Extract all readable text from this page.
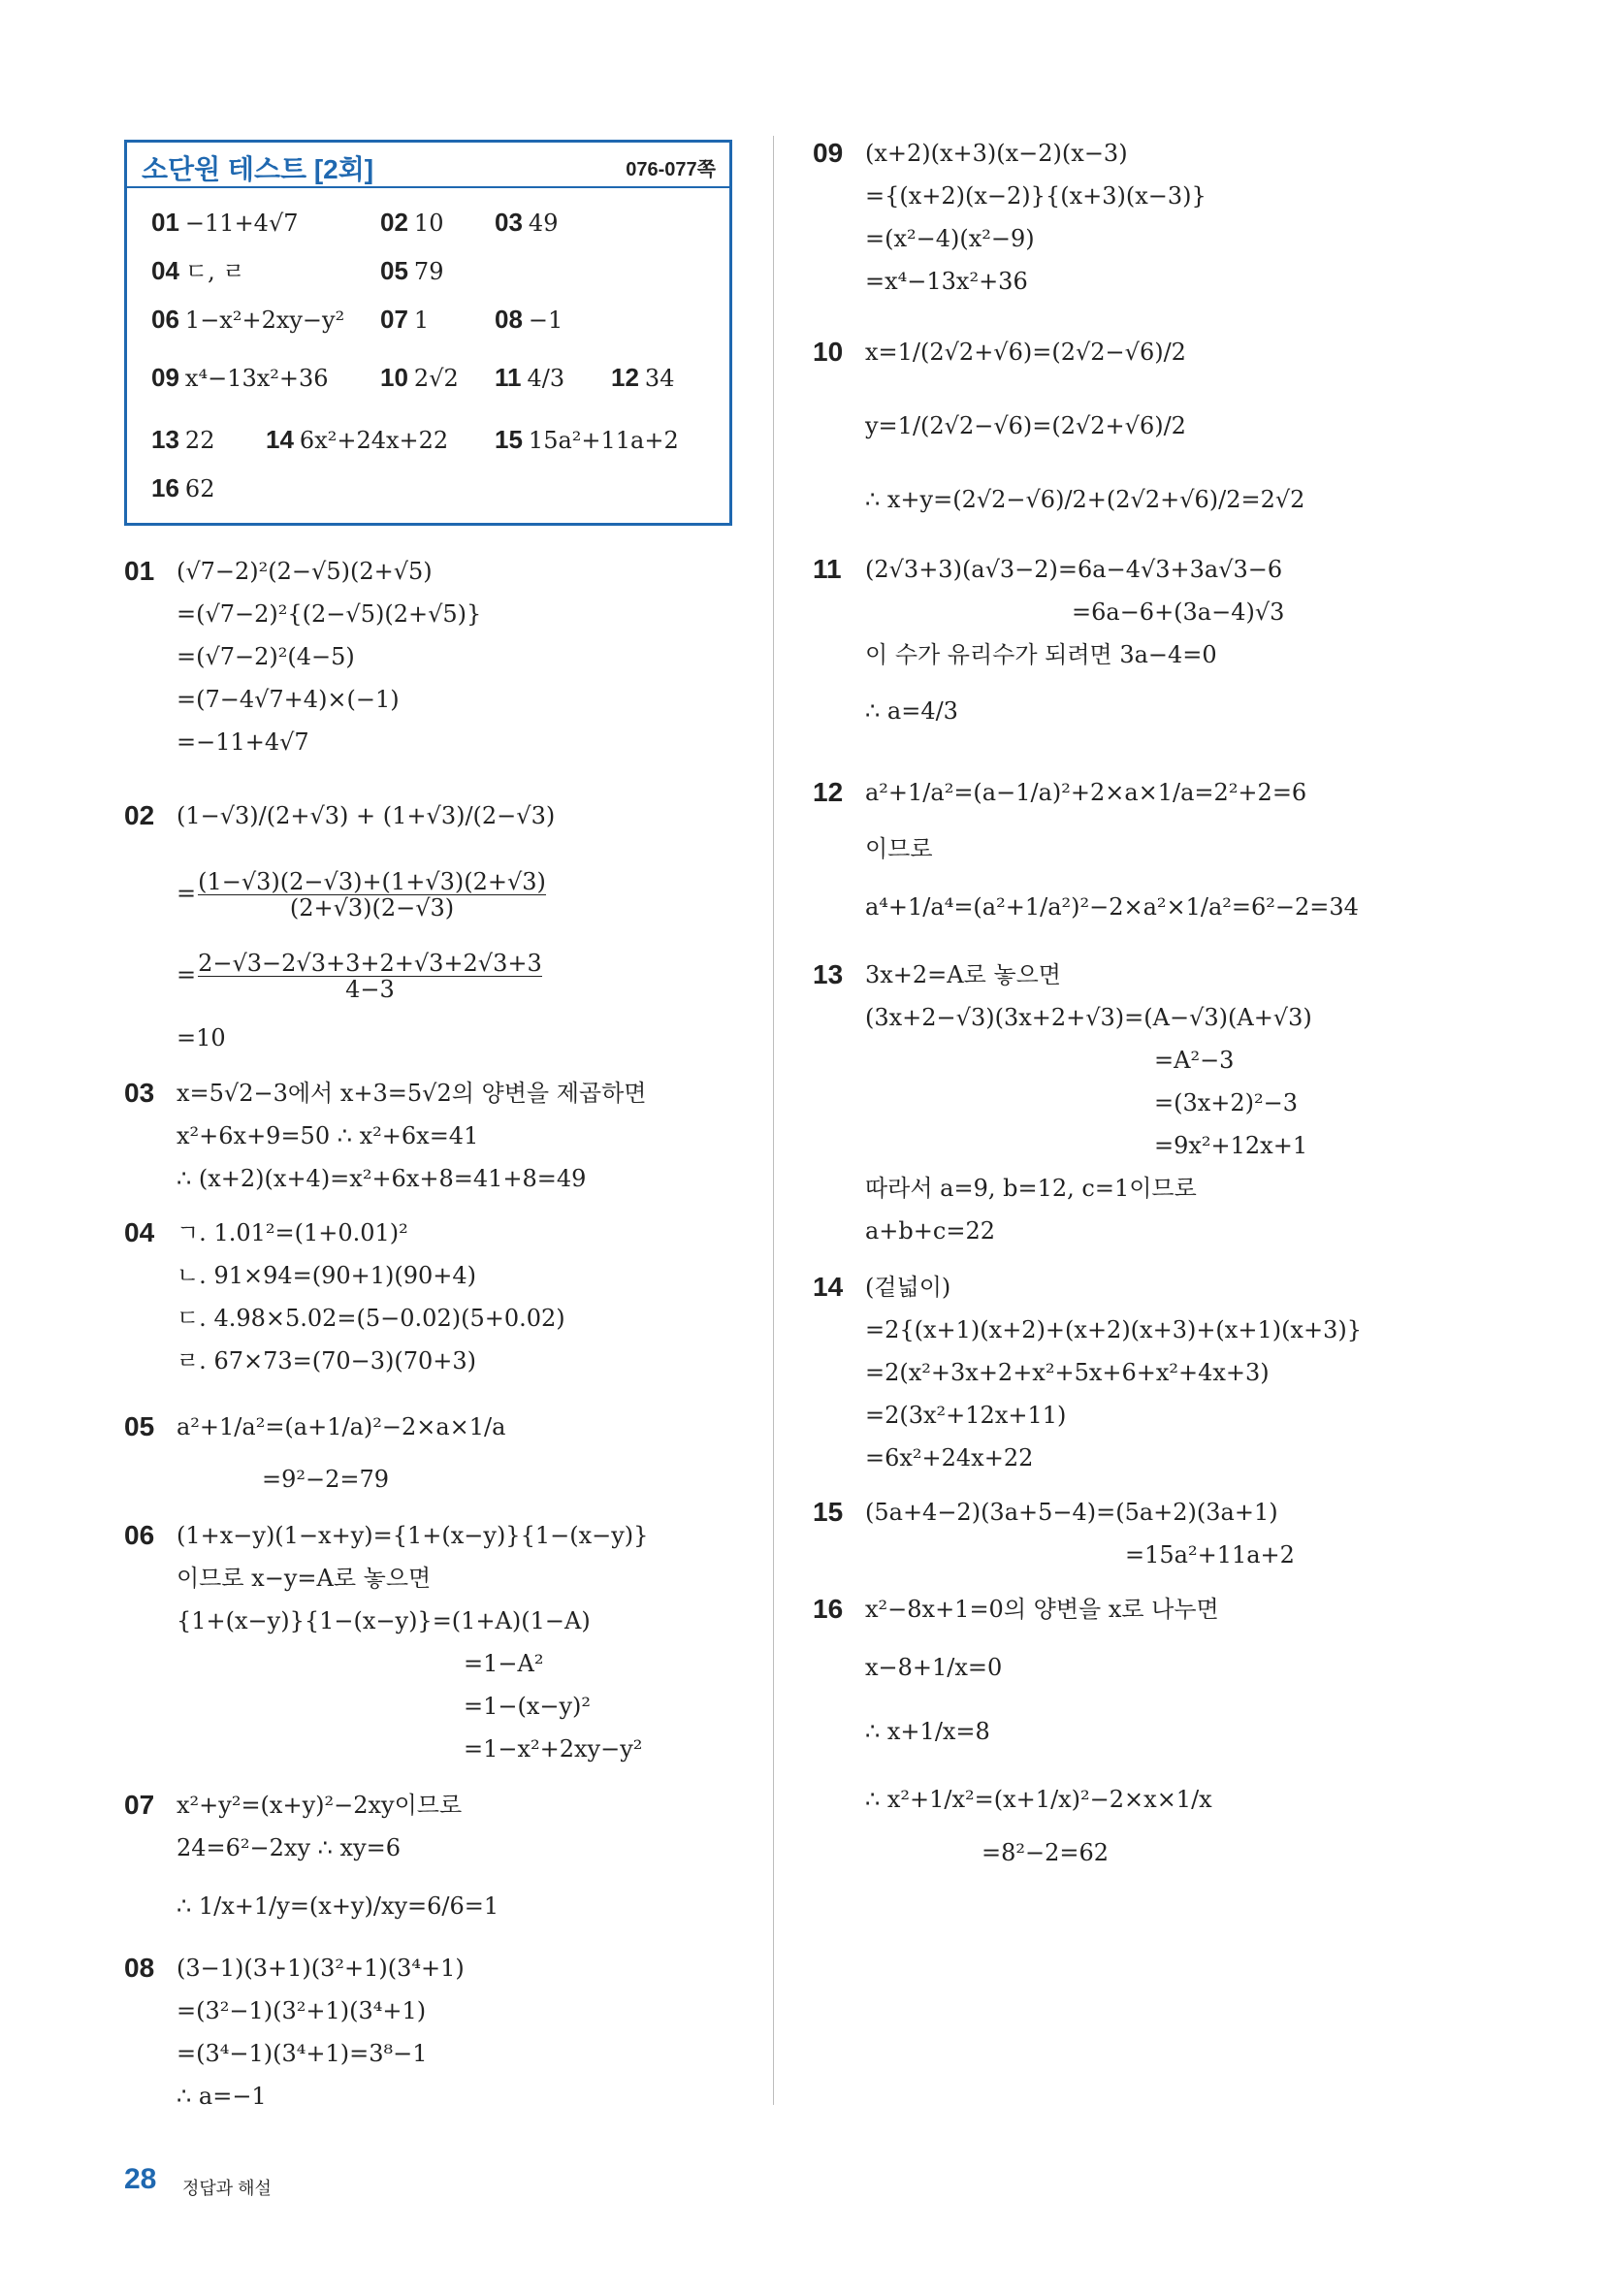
소단원 테스트 [2회]	076-077쪽
01 −11+4√7	02 10 03 49
04 ㄷ, ㄹ	05 79
06 1−x²+2xy−y² 07 1	08 −1
09 x⁴−13x²+36 10 2√2 11 4/3 12 34
13 22 14 6x²+24x+22 15 15a²+11a+2
16 62
01 (√7−2)²(2−√5)(2+√5)
=(√7−2)²{(2−√5)(2+√5)}
=(√7−2)²(4−5)
=(7−4√7+4)×(−1)
=−11+4√7
02 (1−√3)/(2+√3) + (1+√3)/(2−√3)
= $\frac{(1-√3)(2-√3)+(1+√3)(2+√3)}{(2+√3)(2-√3)}$
= $\frac{2-√3-2√3+3+2+√3+2√3+3}{4-3}$
=10
03 x=5√2−3에서 x+3=5√2의 양변을 제곱하면
x²+6x+9=50 ∴ x²+6x=41
∴ (x+2)(x+4)=x²+6x+8=41+8=49
04 ㄱ. 1.01²=(1+0.01)²
ㄴ. 91×94=(90+1)(90+4)
ㄷ. 4.98×5.02=(5−0.02)(5+0.02)
ㄹ. 67×73=(70−3)(70+3)
05 a²+1/a²=(a+1/a)²−2×a×1/a
=9²−2=79
06 (1+x−y)(1−x+y)={1+(x−y)}{1−(x−y)}
이므로 x−y=A로 놓으면
{1+(x−y)}{1−(x−y)}=(1+A)(1−A)
=1−A²
=1−(x−y)²
=1−x²+2xy−y²
07 x²+y²=(x+y)²−2xy이므로
24=6²−2xy ∴ xy=6
∴ 1/x+1/y=(x+y)/xy=6/6=1
08 (3−1)(3+1)(3²+1)(3⁴+1)
=(3²−1)(3²+1)(3⁴+1)
=(3⁴−1)(3⁴+1)=3⁸−1
∴ a=−1
09 (x+2)(x+3)(x−2)(x−3)
={(x+2)(x−2)}{(x+3)(x−3)}
=(x²−4)(x²−9)
=x⁴−13x²+36
10 x=1/(2√2+√6)=(2√2−√6)/2
y=1/(2√2−√6)=(2√2+√6)/2
∴ x+y=(2√2−√6)/2+(2√2+√6)/2=2√2
11 (2√3+3)(a√3−2)=6a−4√3+3a√3−6
=6a−6+(3a−4)√3
이 수가 유리수가 되려면 3a−4=0
∴ a=4/3
12 a²+1/a²=(a−1/a)²+2×a×1/a=2²+2=6
이므로
a⁴+1/a⁴=(a²+1/a²)²−2×a²×1/a²=6²−2=34
13 3x+2=A로 놓으면
(3x+2−√3)(3x+2+√3)=(A−√3)(A+√3)
=A²−3
=(3x+2)²−3
=9x²+12x+1
따라서 a=9, b=12, c=1이므로
a+b+c=22
14 (겉넓이)
=2{(x+1)(x+2)+(x+2)(x+3)+(x+1)(x+3)}
=2(x²+3x+2+x²+5x+6+x²+4x+3)
=2(3x²+12x+11)
=6x²+24x+22
15 (5a+4−2)(3a+5−4)=(5a+2)(3a+1)
=15a²+11a+2
16 x²−8x+1=0의 양변을 x로 나누면
x−8+1/x=0
∴ x+1/x=8
∴ x²+1/x²=(x+1/x)²−2×x×1/x
=8²−2=62
28 정답과 해설
